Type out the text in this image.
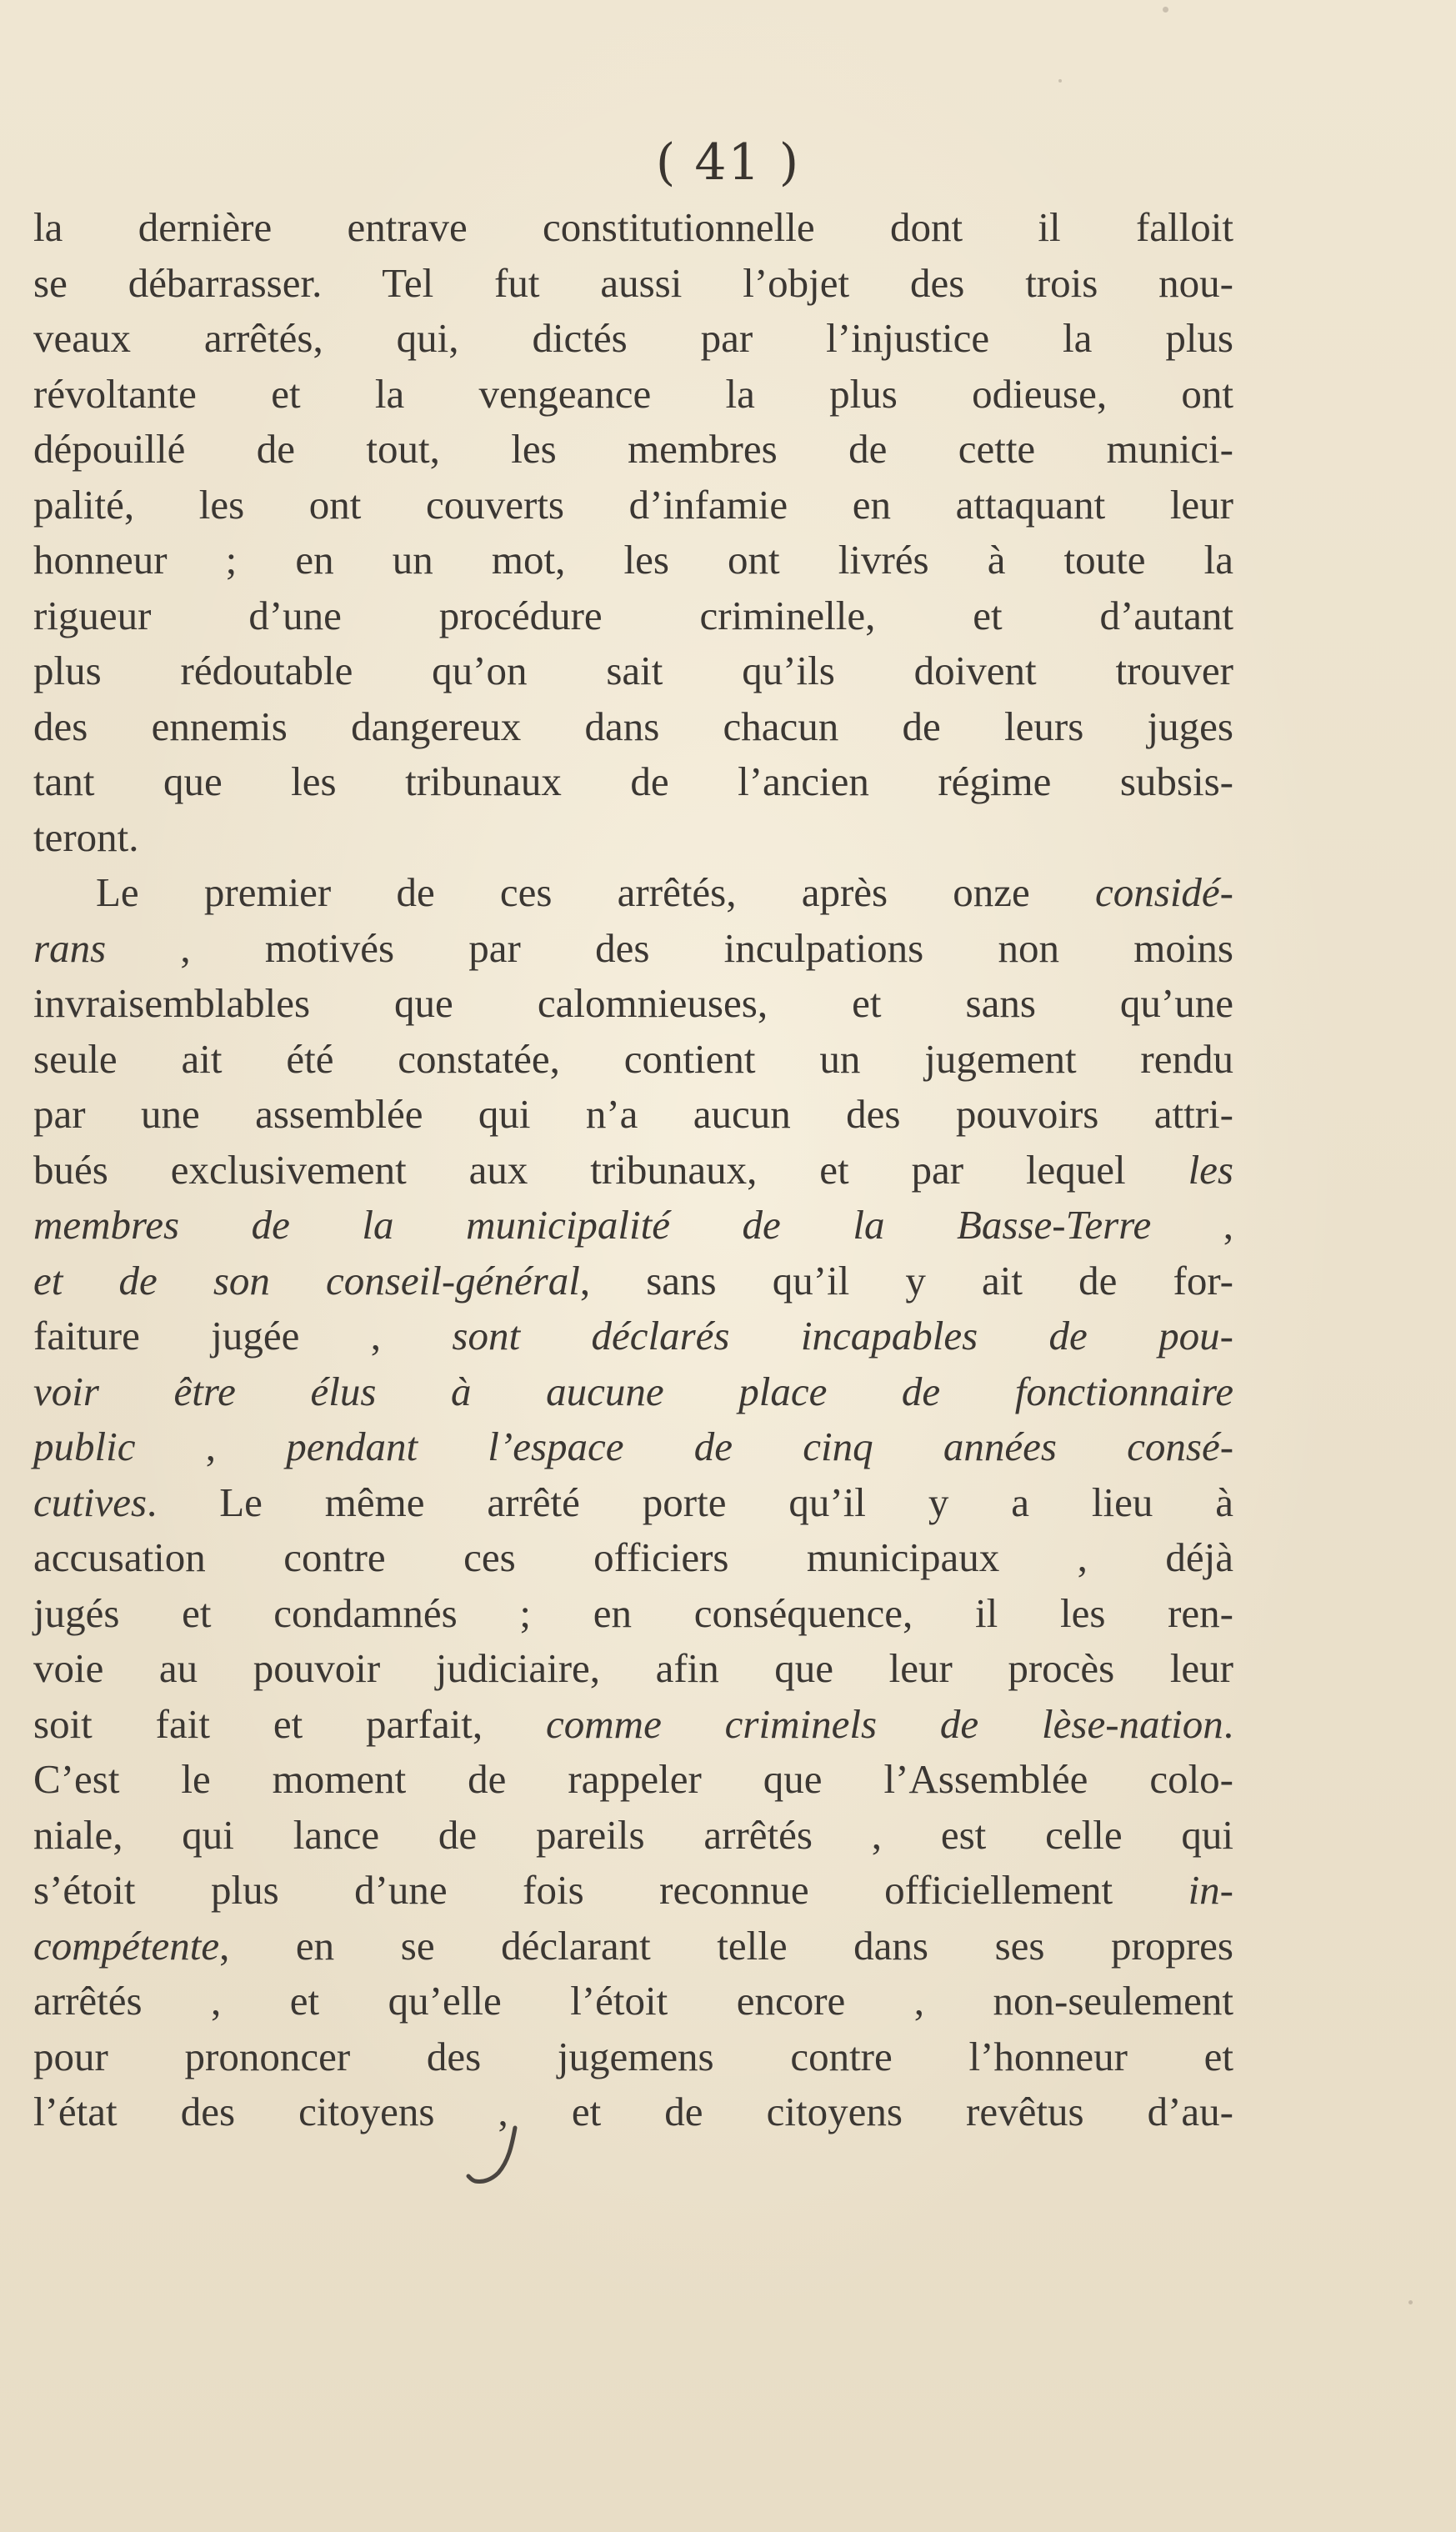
( 41 )
la dernière entrave constitutionnelle dont il falloit
se débarrasser. Tel fut aussi l’objet des trois nou-
veaux arrêtés, qui, dictés par l’injustice la plus
révoltante et la vengeance la plus odieuse, ont
dépouillé de tout, les membres de cette munici-
palité, les ont couverts d’infamie en attaquant leur
honneur ; en un mot, les ont livrés à toute la
rigueur d’une procédure criminelle, et d’autant
plus rédoutable qu’on sait qu’ils doivent trouver
des ennemis dangereux dans chacun de leurs juges
tant que les tribunaux de l’ancien régime subsis-
teront.
Le premier de ces arrêtés, après onze considé-
rans , motivés par des inculpations non moins
invraisemblables que calomnieuses, et sans qu’une
seule ait été constatée, contient un jugement rendu
par une assemblée qui n’a aucun des pouvoirs attri-
bués exclusivement aux tribunaux, et par lequel les
membres de la municipalité de la Basse-Terre ,
et de son conseil-général, sans qu’il y ait de for-
faiture jugée , sont déclarés incapables de pou-
voir être élus à aucune place de fonctionnaire
public , pendant l’espace de cinq années consé-
cutives. Le même arrêté porte qu’il y a lieu à
accusation contre ces officiers municipaux , déjà
jugés et condamnés ; en conséquence, il les ren-
voie au pouvoir judiciaire, afin que leur procès leur
soit fait et parfait, comme criminels de lèse-nation.
C’est le moment de rappeler que l’Assemblée colo-
niale, qui lance de pareils arrêtés , est celle qui
s’étoit plus d’une fois reconnue officiellement in-
compétente, en se déclarant telle dans ses propres
arrêtés , et qu’elle l’étoit encore , non-seulement
pour prononcer des jugemens contre l’honneur et
l’état des citoyens , et de citoyens revêtus d’au-
